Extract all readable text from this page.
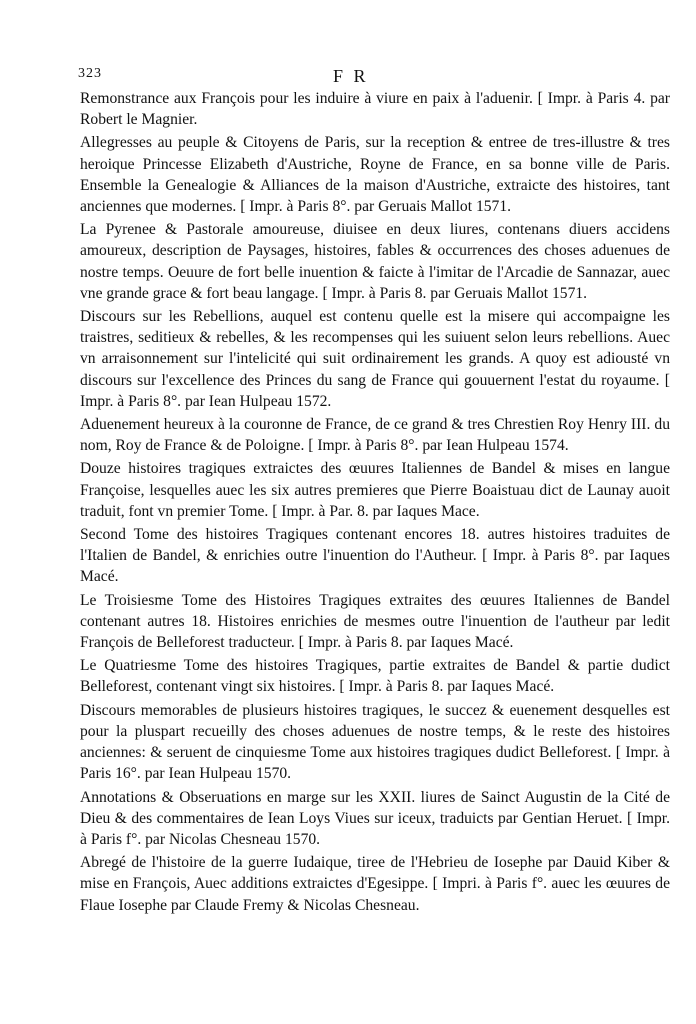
323	F R

Remonstrance aux François pour les induire à viure en paix à l'aduenir. [ Impr. à Paris 4. par Robert le Magnier.

Allegresses au peuple & Citoyens de Paris, sur la reception & entree de tres-illustre & tres heroique Princesse Elizabeth d'Austriche, Royne de France, en sa bonne ville de Paris. Ensemble la Genealogie & Alliances de la maison d'Austriche, extraicte des histoires, tant anciennes que modernes. [ Impr. à Paris 8°. par Geruais Mallot 1571.

La Pyrenee & Pastorale amoureuse, diuisee en deux liures, contenans diuers accidens amoureux, description de Paysages, histoires, fables & occurrences des choses aduenues de nostre temps. Oeuure de fort belle inuention & faicte à l'imitar de l'Arcadie de Sannazar, auec vne grande grace & fort beau langage. [ Impr. à Paris 8. par Geruais Mallot 1571.

Discours sur les Rebellions, auquel est contenu quelle est la misere qui accompaigne les traistres, seditieux & rebelles, & les recompenses qui les suiuent selon leurs rebellions. Auec vn arraisonnement sur l'intelicité qui suit ordinairement les grands. A quoy est adiousté vn discours sur l'excellence des Princes du sang de France qui gouuernent l'estat du royaume. [ Impr. à Paris 8°. par Iean Hulpeau 1572.

Aduenement heureux à la couronne de France, de ce grand & tres Chrestien Roy Henry III. du nom, Roy de France & de Poloigne. [ Impr. à Paris 8°. par Iean Hulpeau 1574.

Douze histoires tragiques extraictes des œuures Italiennes de Bandel & mises en langue Françoise, lesquelles auec les six autres premieres que Pierre Boaistuau dict de Launay auoit traduit, font vn premier Tome. [ Impr. à Par. 8. par Iaques Mace.

Second Tome des histoires Tragiques contenant encores 18. autres histoires traduites de l'Italien de Bandel, & enrichies outre l'inuention do l'Autheur. [ Impr. à Paris 8°. par Iaques Macé.

Le Troisiesme Tome des Histoires Tragiques extraites des œuures Italiennes de Bandel contenant autres 18. Histoires enrichies de mesmes outre l'inuention de l'autheur par ledit François de Belleforest traducteur. [ Impr. à Paris 8. par Iaques Macé.

Le Quatriesme Tome des histoires Tragiques, partie extraites de Bandel & partie dudict Belleforest, contenant vingt six histoires. [ Impr. à Paris 8. par Iaques Macé.

Discours memorables de plusieurs histoires tragiques, le succez & euenement desquelles est pour la pluspart recueilly des choses aduenues de nostre temps, & le reste des histoires anciennes: & seruent de cinquiesme Tome aux histoires tragiques dudict Belleforest. [ Impr. à Paris 16°. par Iean Hulpeau 1570.

Annotations & Obseruations en marge sur les XXII. liures de Sainct Augustin de la Cité de Dieu & des commentaires de Iean Loys Viues sur iceux, traduicts par Gentian Heruet. [ Impr. à Paris f°. par Nicolas Chesneau 1570.

Abregé de l'histoire de la guerre Iudaique, tiree de l'Hebrieu de Iosephe par Dauid Kiber & mise en François, Auec additions extraictes d'Egesippe. [ Impri. à Paris f°. auec les œuures de Flaue Iosephe par Claude Fremy & Nicolas Chesneau.
